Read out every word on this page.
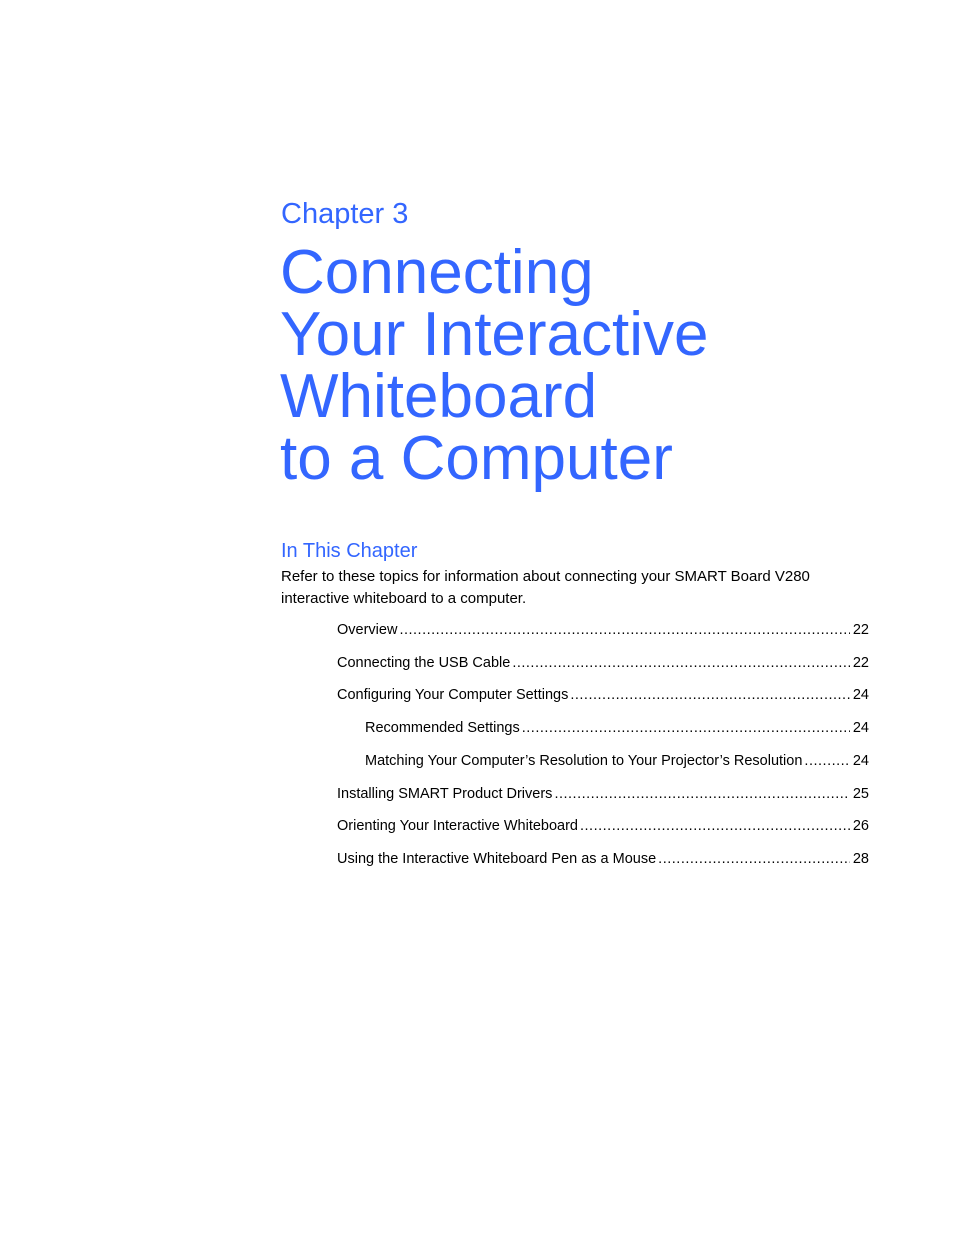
Chapter 3
Connecting
Your Interactive
Whiteboard
to a Computer
In This Chapter
Refer to these topics for information about connecting your SMART Board V280 interactive whiteboard to a computer.
Overview .....	22
Connecting the USB Cable .....	22
Configuring Your Computer Settings .....	24
Recommended Settings .....	24
Matching Your Computer’s Resolution to Your Projector’s Resolution .....	24
Installing SMART Product Drivers .....	25
Orienting Your Interactive Whiteboard .....	26
Using the Interactive Whiteboard Pen as a Mouse .....	28
